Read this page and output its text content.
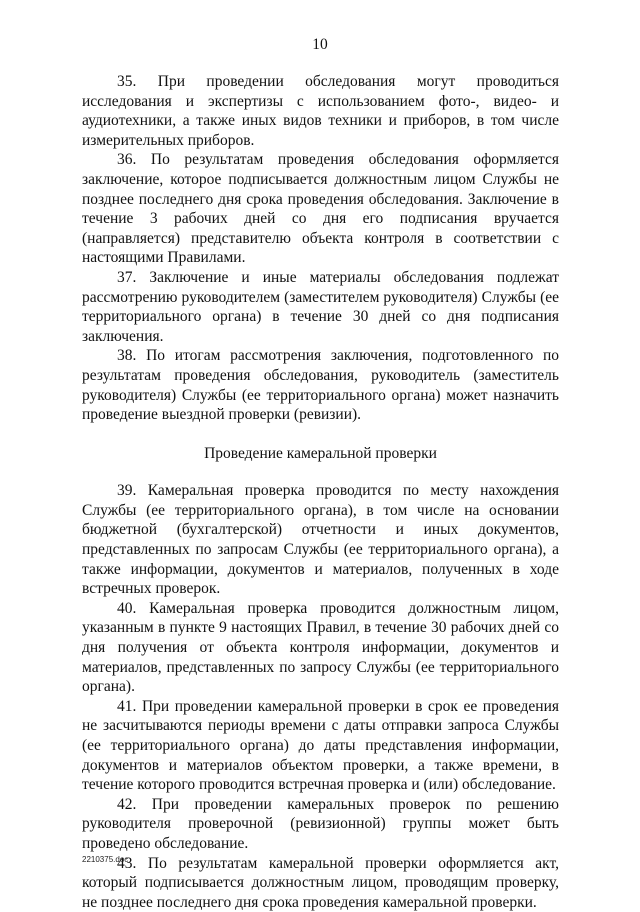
10

35. При проведении обследования могут проводиться исследования и экспертизы с использованием фото-, видео- и аудиотехники, а также иных видов техники и приборов, в том числе измерительных приборов.

36. По результатам проведения обследования оформляется заключение, которое подписывается должностным лицом Службы не позднее последнего дня срока проведения обследования. Заключение в течение 3 рабочих дней со дня его подписания вручается (направляется) представителю объекта контроля в соответствии с настоящими Правилами.

37. Заключение и иные материалы обследования подлежат рассмотрению руководителем (заместителем руководителя) Службы (ее территориального органа) в течение 30 дней со дня подписания заключения.

38. По итогам рассмотрения заключения, подготовленного по результатам проведения обследования, руководитель (заместитель руководителя) Службы (ее территориального органа) может назначить проведение выездной проверки (ревизии).

Проведение камеральной проверки

39. Камеральная проверка проводится по месту нахождения Службы (ее территориального органа), в том числе на основании бюджетной (бухгалтерской) отчетности и иных документов, представленных по запросам Службы (ее территориального органа), а также информации, документов и материалов, полученных в ходе встречных проверок.

40. Камеральная проверка проводится должностным лицом, указанным в пункте 9 настоящих Правил, в течение 30 рабочих дней со дня получения от объекта контроля информации, документов и материалов, представленных по запросу Службы (ее территориального органа).

41. При проведении камеральной проверки в срок ее проведения не засчитываются периоды времени с даты отправки запроса Службы (ее территориального органа) до даты представления информации, документов и материалов объектом проверки, а также времени, в течение которого проводится встречная проверка и (или) обследование.

42. При проведении камеральных проверок по решению руководителя проверочной (ревизионной) группы может быть проведено обследование.

43. По результатам камеральной проверки оформляется акт, который подписывается должностным лицом, проводящим проверку, не позднее последнего дня срока проведения камеральной проверки.

2210375.doc
